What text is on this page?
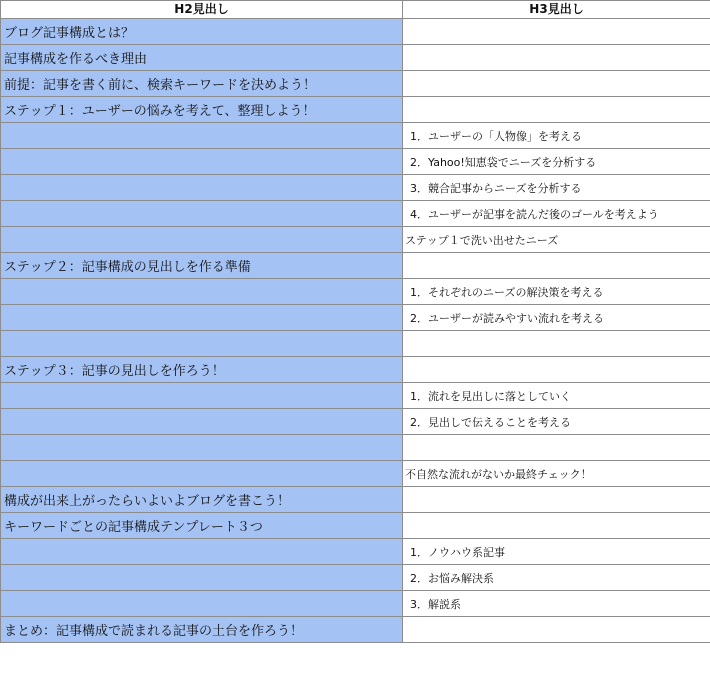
H2見出し	H3見出し
ブログ記事構成とは？	
記事構成を作るべき理由	
前提：記事を書く前に、検索キーワードを決めよう！	
ステップ１：ユーザーの悩みを考えて、整理しよう！	
	1．ユーザーの「人物像」を考える
	2．Yahoo!知恵袋でニーズを分析する
	3．競合記事からニーズを分析する
	4．ユーザーが記事を読んだ後のゴールを考えよう
	ステップ１で洗い出せたニーズ
ステップ２：記事構成の見出しを作る準備	
	1．それぞれのニーズの解決策を考える
	2．ユーザーが読みやすい流れを考える

ステップ３：記事の見出しを作ろう！	
	1．流れを見出しに落としていく
	2．見出しで伝えることを考える

	不自然な流れがないか最終チェック！
構成が出来上がったらいよいよブログを書こう！	
キーワードごとの記事構成テンプレート３つ	
	1．ノウハウ系記事
	2．お悩み解決系
	3．解説系
まとめ：記事構成で読まれる記事の土台を作ろう！	
